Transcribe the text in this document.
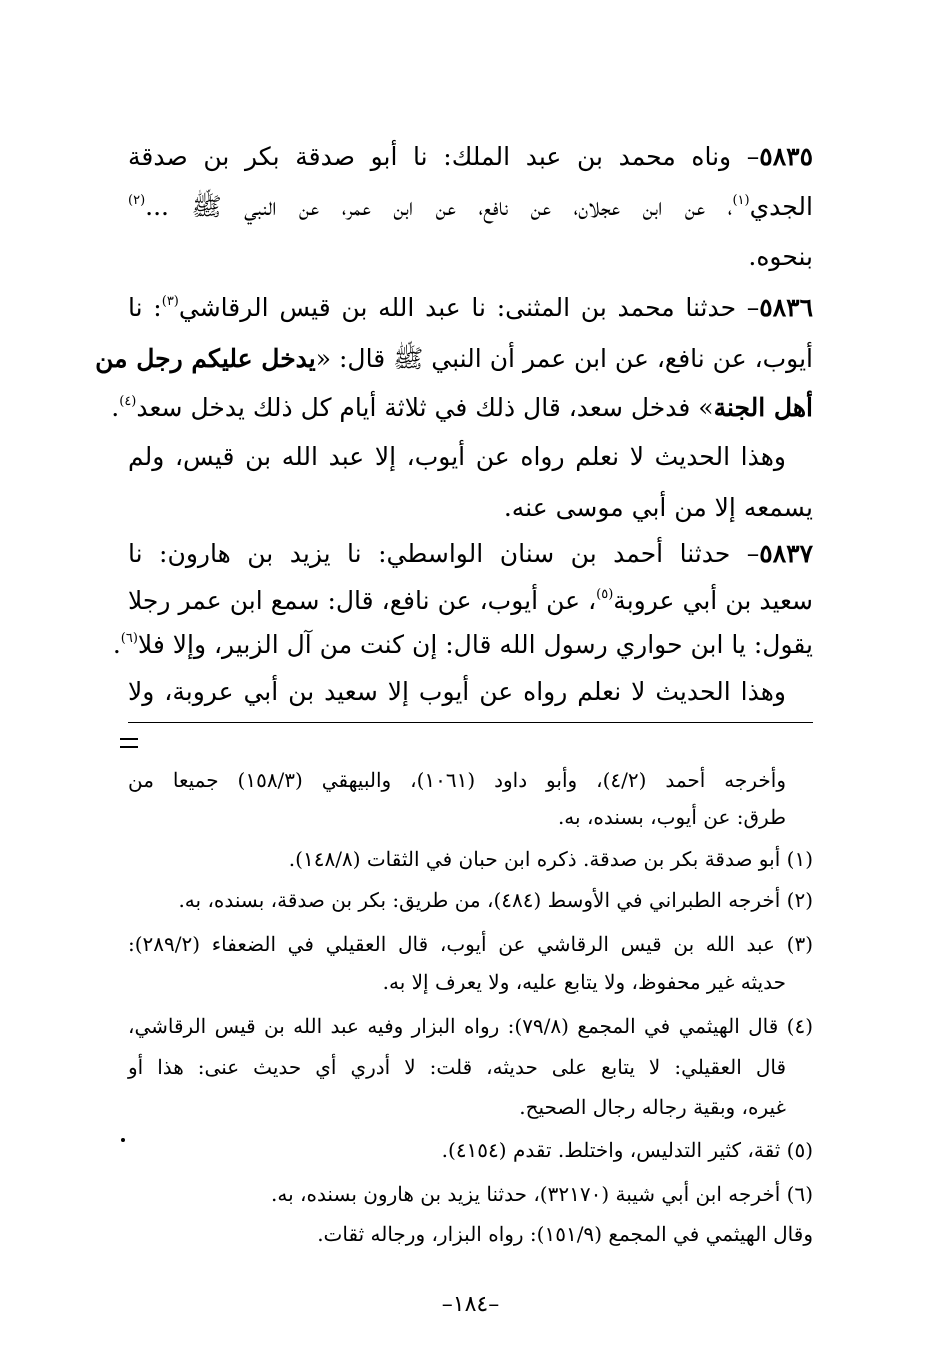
٥٨٣٥– وناه محمد بن عبد الملك: نا أبو صدقة بكر بن صدقة
الجدي$^{(١)}$، عن ابن عجلان، عن نافع، عن ابن عمر، عن النبي ﷺ ...$^{(٢)}$
بنحوه.
٥٨٣٦– حدثنا محمد بن المثنى: نا عبد الله بن قيس الرقاشي$^{(٣)}$: نا
أيوب، عن نافع، عن ابن عمر أن النبي ﷺ قال: «يدخل عليكم رجل من
أهل الجنة» فدخل سعد، قال ذلك في ثلاثة أيام كل ذلك يدخل سعد$^{(٤)}$.
وهذا الحديث لا نعلم رواه عن أيوب، إلا عبد الله بن قيس، ولم
يسمعه إلا من أبي موسى عنه.
٥٨٣٧– حدثنا أحمد بن سنان الواسطي: نا يزيد بن هارون: نا
سعيد بن أبي عروبة$^{(٥)}$، عن أيوب، عن نافع، قال: سمع ابن عمر رجلا
يقول: يا ابن حواري رسول الله قال: إن كنت من آل الزبير، وإلا فلا$^{(٦)}$.
وهذا الحديث لا نعلم رواه عن أيوب إلا سعيد بن أبي عروبة، ولا
وأخرجه أحمد (٤/٢)، وأبو داود (١٠٦١)، والبيهقي (١٥٨/٣) جميعا من
طرق: عن أيوب، بسنده، به.
(١) أبو صدقة بكر بن صدقة. ذكره ابن حبان في الثقات (١٤٨/٨).
(٢) أخرجه الطبراني في الأوسط (٤٨٤)، من طريق: بكر بن صدقة، بسنده، به.
(٣) عبد الله بن قيس الرقاشي عن أيوب، قال العقيلي في الضعفاء (٢٨٩/٢):
حديثه غير محفوظ، ولا يتابع عليه، ولا يعرف إلا به.
(٤) قال الهيثمي في المجمع (٧٩/٨): رواه البزار وفيه عبد الله بن قيس الرقاشي،
قال العقيلي: لا يتابع على حديثه، قلت: لا أدري أي حديث عنى: هذا أو
غيره، وبقية رجاله رجال الصحيح.
(٥) ثقة، كثير التدليس، واختلط. تقدم (٤١٥٤).
(٦) أخرجه ابن أبي شيبة (٣٢١٧٠)، حدثنا يزيد بن هارون بسنده، به.
وقال الهيثمي في المجمع (١٥١/٩): رواه البزار، ورجاله ثقات.
–١٨٤–
